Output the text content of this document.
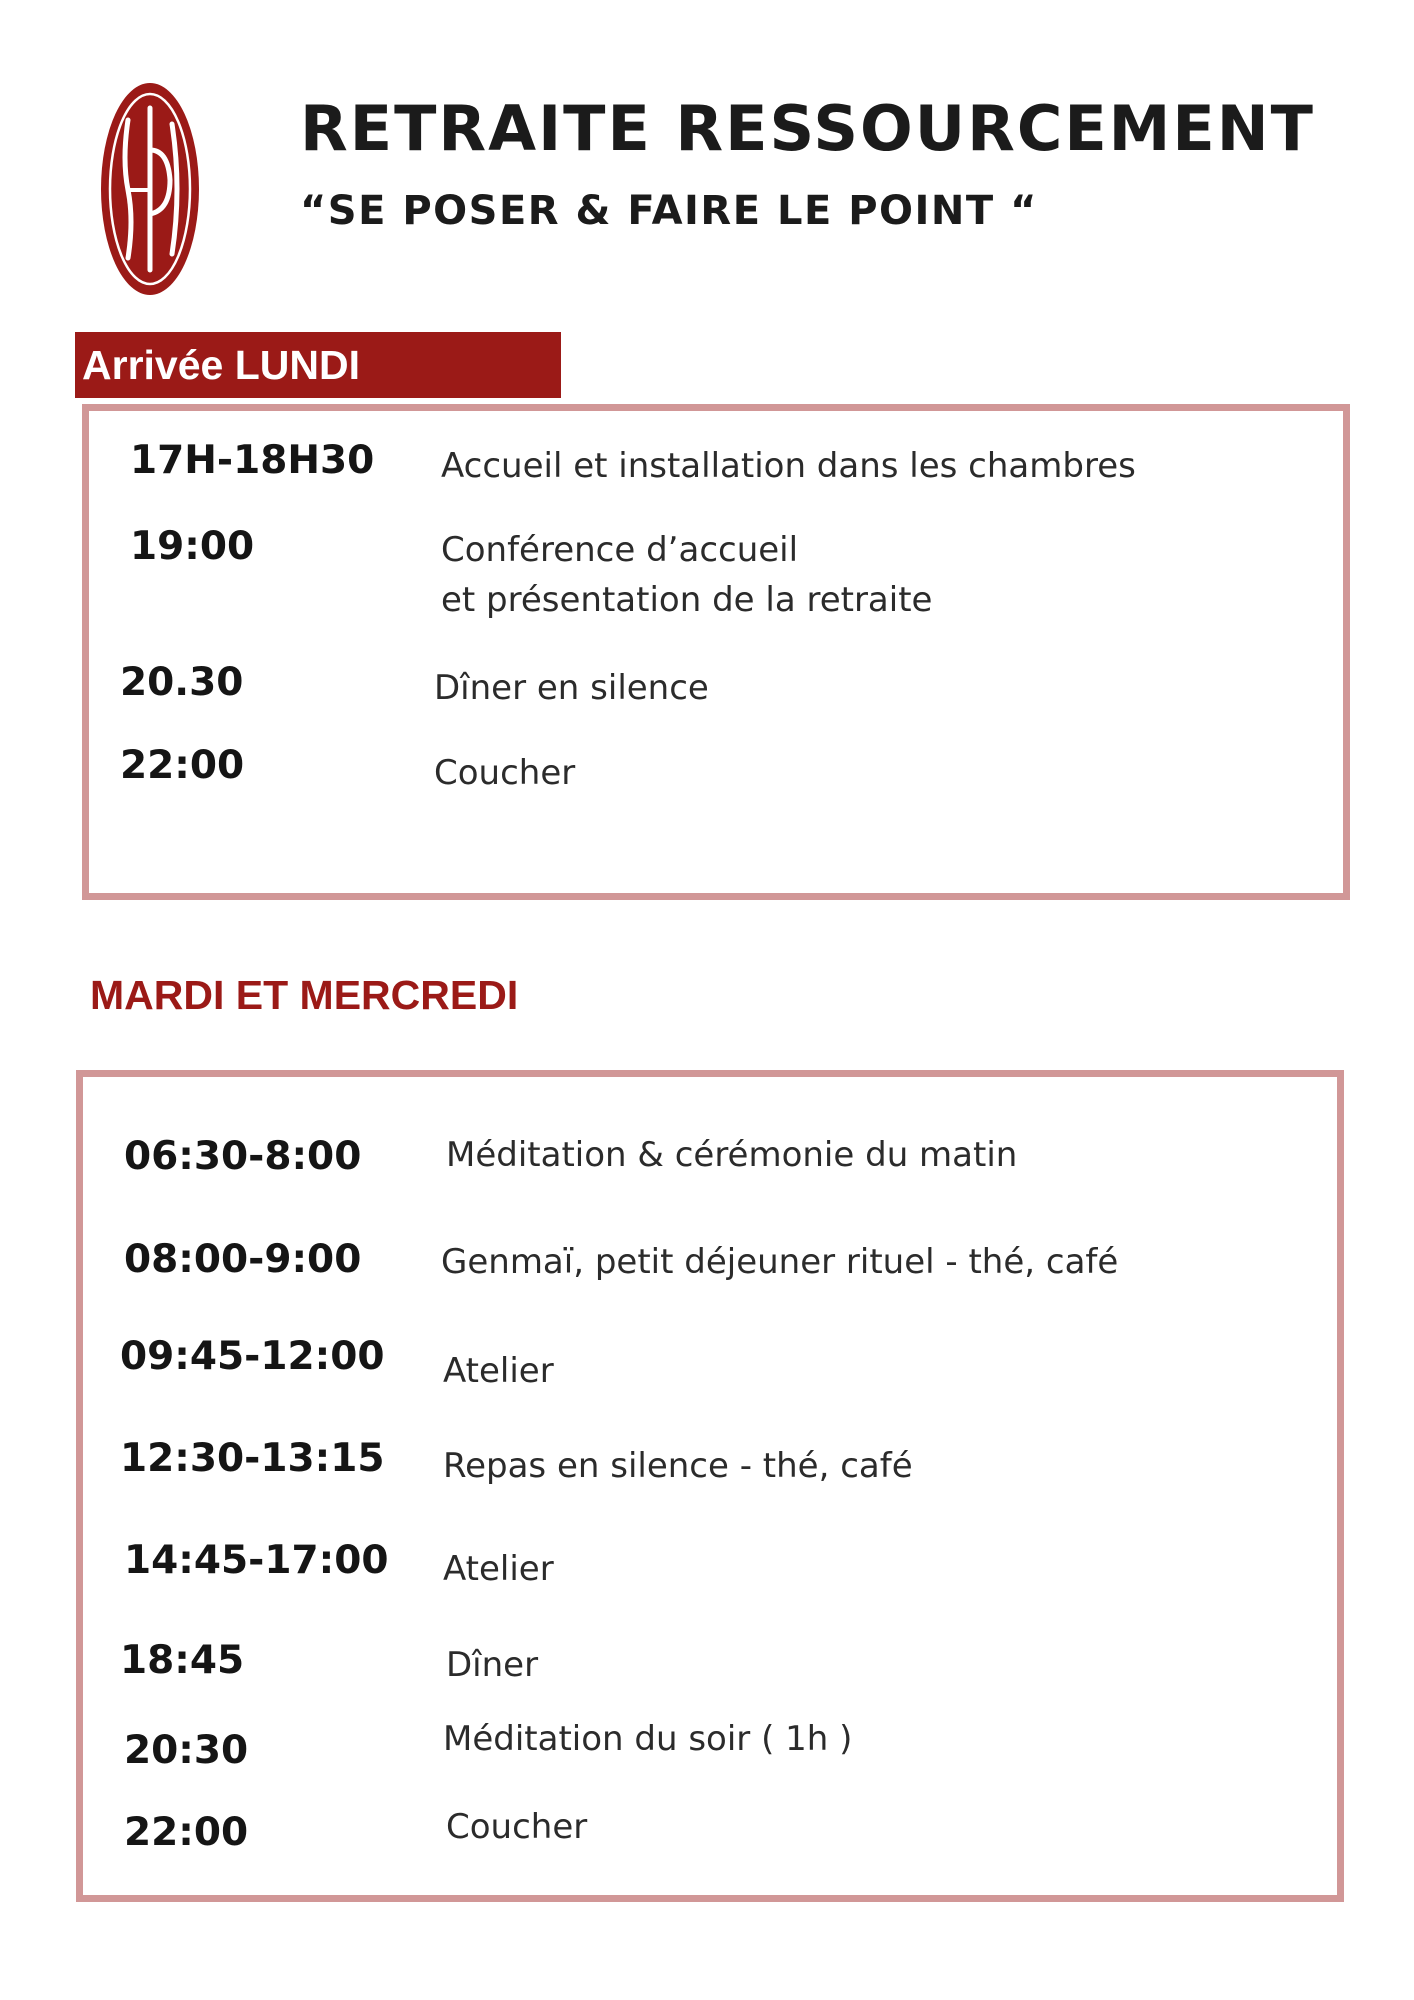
RETRAITE RESSOURCEMENT
“SE POSER & FAIRE LE POINT “
Arrivée LUNDI

17H-18H30 Accueil et installation dans les chambres

19:00	Conférence d’accueil

et présentation de la retraite

20.30	Dîner en silence

22:00	Coucher

MARDI ET MERCREDI

06:30-8:00 Méditation & cérémonie du matin

08:00-9:00 Genmaï, petit déjeuner rituel - thé, café

09:45-12:00 Atelier

12:30-13:15 Repas en silence - thé, café

14:45-17:00 Atelier

18:45	Dîner

20:30	Méditation du soir ( 1h )

22:00	Coucher
